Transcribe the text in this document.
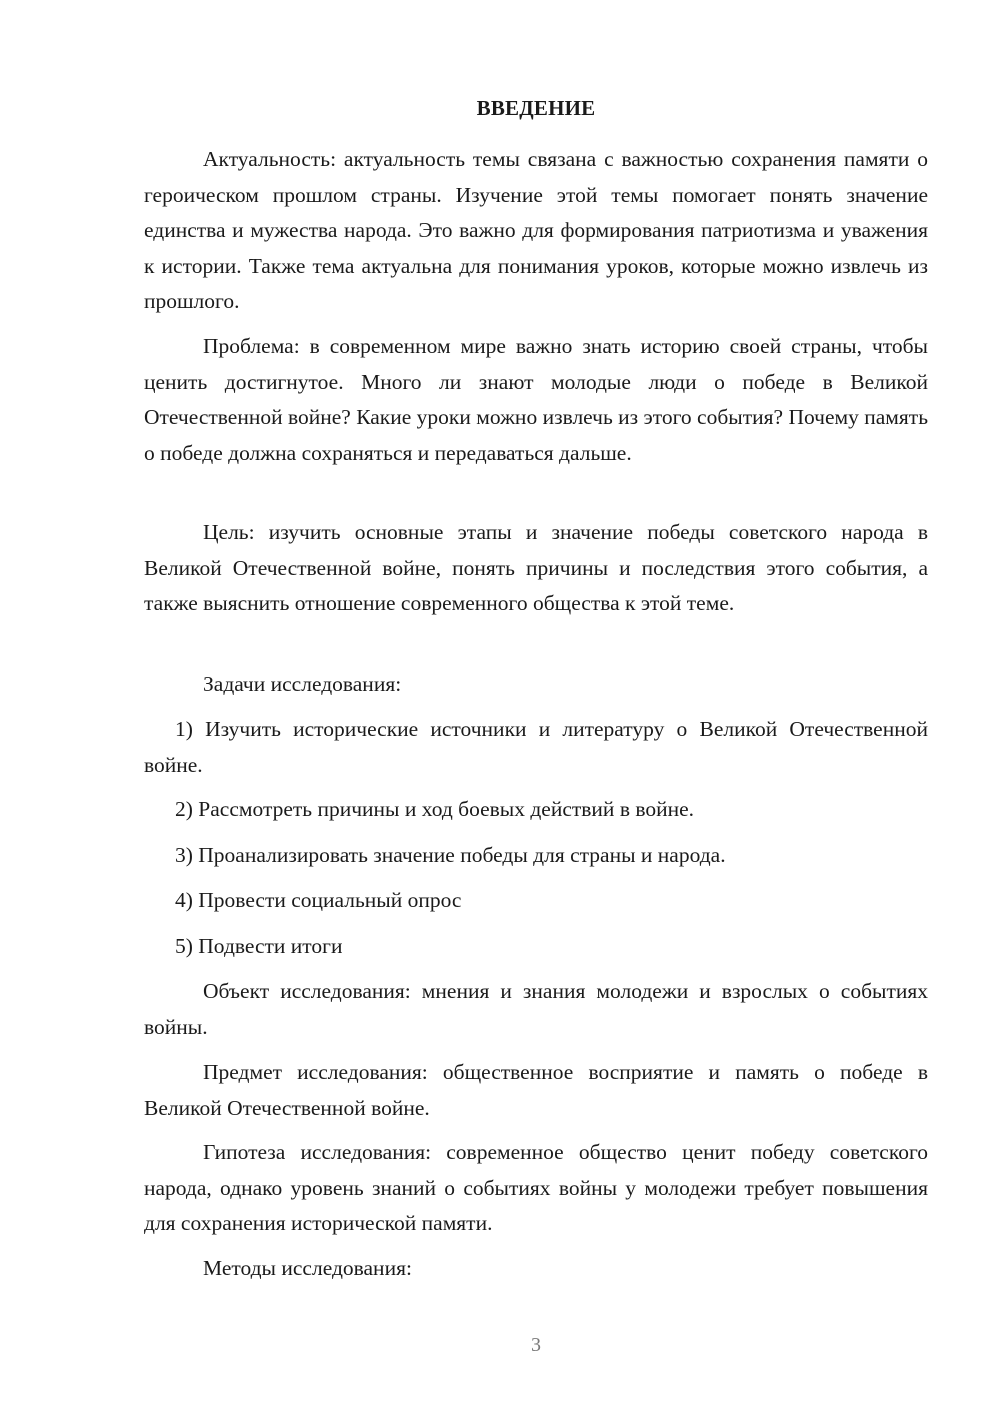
ВВЕДЕНИЕ

Актуальность: актуальность темы связана с важностью сохранения памяти о героическом прошлом страны. Изучение этой темы помогает понять значение единства и мужества народа. Это важно для формирования патриотизма и уважения к истории. Также тема актуальна для понимания уроков, которые можно извлечь из прошлого.

Проблема: в современном мире важно знать историю своей страны, чтобы ценить достигнутое. Много ли знают молодые люди о победе в Великой Отечественной войне? Какие уроки можно извлечь из этого события? Почему память о победе должна сохраняться и передаваться дальше.

Цель: изучить основные этапы и значение победы советского народа в Великой Отечественной войне, понять причины и последствия этого события, а также выяснить отношение современного общества к этой теме.

Задачи исследования:

1) Изучить исторические источники и литературу о Великой Отечественной войне.

2) Рассмотреть причины и ход боевых действий в войне.

3) Проанализировать значение победы для страны и народа.

4) Провести социальный опрос

5) Подвести итоги

Объект исследования: мнения и знания молодежи и взрослых о событиях войны.

Предмет исследования: общественное восприятие и память о победе в Великой Отечественной войне.

Гипотеза исследования: современное общество ценит победу советского народа, однако уровень знаний о событиях войны у молодежи требует повышения для сохранения исторической памяти.

Методы исследования:

3
